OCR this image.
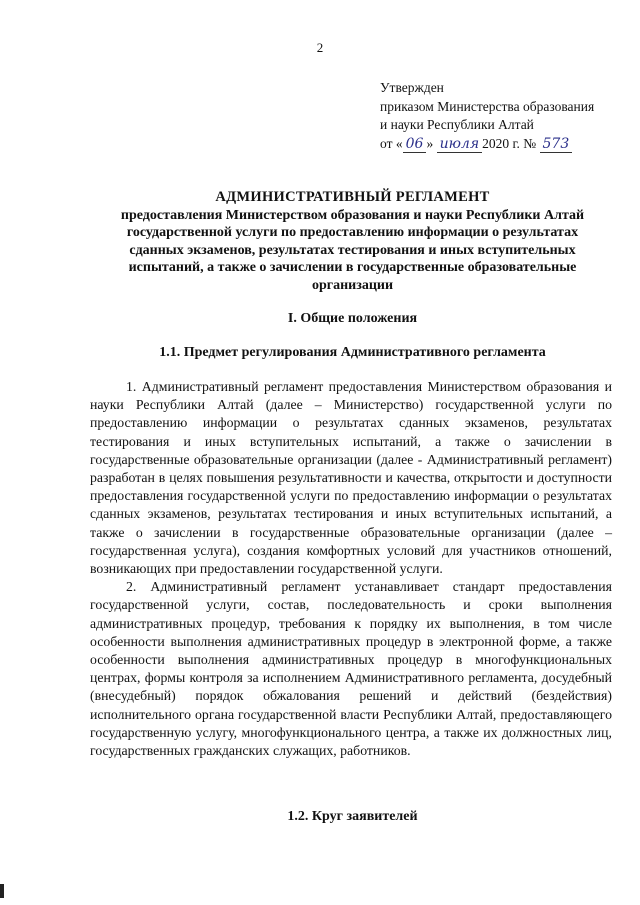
2
Утвержден
приказом Министерства образования
и науки Республики Алтай
от « 06 » июля 2020 г. № 573
АДМИНИСТРАТИВНЫЙ РЕГЛАМЕНТ
предоставления Министерством образования и науки Республики Алтай
государственной услуги по предоставлению информации о результатах
сданных экзаменов, результатах тестирования и иных вступительных
испытаний, а также о зачислении в государственные образовательные
организации
I. Общие положения
1.1. Предмет регулирования Административного регламента

1. Административный регламент предоставления Министерством образования и науки Республики Алтай (далее – Министерство) государственной услуги по предоставлению информации о результатах сданных экзаменов, результатах тестирования и иных вступительных испытаний, а также о зачислении в государственные образовательные организации (далее - Административный регламент) разработан в целях повышения результативности и качества, открытости и доступности предоставления государственной услуги по предоставлению информации о результатах сданных экзаменов, результатах тестирования и иных вступительных испытаний, а также о зачислении в государственные образовательные организации (далее – государственная услуга), создания комфортных условий для участников отношений, возникающих при предоставлении государственной услуги.

2. Административный регламент устанавливает стандарт предоставления государственной услуги, состав, последовательность и сроки выполнения административных процедур, требования к порядку их выполнения, в том числе особенности выполнения административных процедур в электронной форме, а также особенности выполнения административных процедур в многофункциональных центрах, формы контроля за исполнением Административного регламента, досудебный (внесудебный) порядок обжалования решений и действий (бездействия) исполнительного органа государственной власти Республики Алтай, предоставляющего государственную услугу, многофункционального центра, а также их должностных лиц, государственных гражданских служащих, работников.

1.2. Круг заявителей
